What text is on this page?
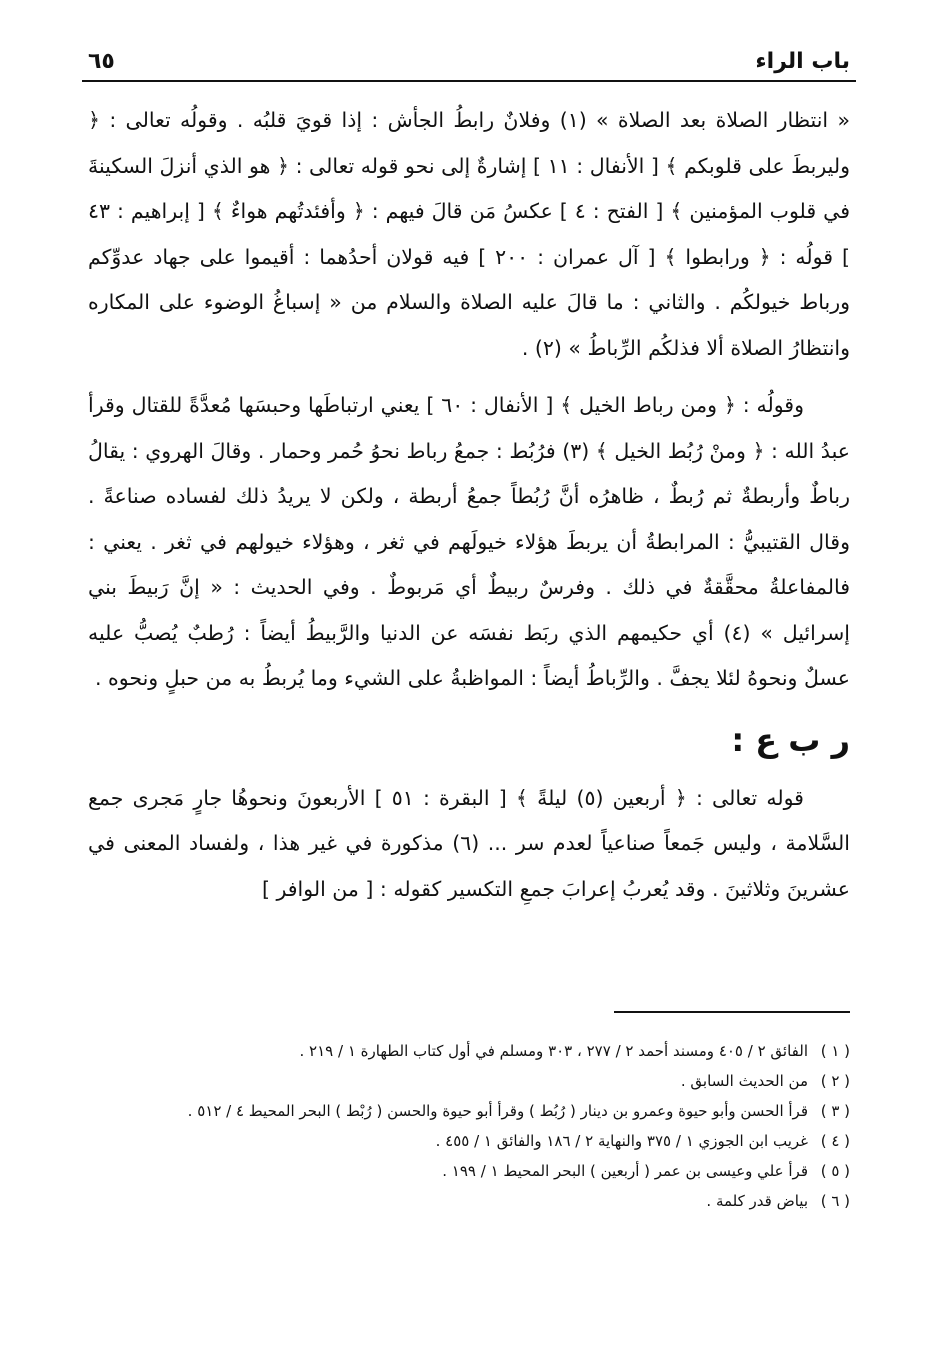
باب الراء
٦٥

« انتظار الصلاة بعد الصلاة » (١) وفلانٌ رابطُ الجأش : إذا قويَ قلبُه . وقولُه تعالى : ﴿ وليربطَ على قلوبكم ﴾ [ الأنفال : ١١ ] إشارةٌ إلى نحو قوله تعالى : ﴿ هو الذي أنزلَ السكينةَ في قلوب المؤمنين ﴾ [ الفتح : ٤ ] عكسُ مَن قالَ فيهم : ﴿ وأفئدتُهم هواءٌ ﴾ [ إبراهيم : ٤٣ ] قولُه : ﴿ ورابطوا ﴾ [ آل عمران : ٢٠٠ ] فيه قولان أحدُهما : أقيموا على جهاد عدوِّكم ورباط خيولكُم . والثاني : ما قالَ عليه الصلاة والسلام من « إسباغُ الوضوء على المكاره وانتظارُ الصلاة ألا فذلكُم الرِّباطُ » (٢) .

وقولُه : ﴿ ومن رباط الخيل ﴾ [ الأنفال : ٦٠ ] يعني ارتباطَها وحبسَها مُعدَّةً للقتال وقرأ عبدُ الله : ﴿ ومنْ رُبُط الخيل ﴾ (٣) فرُبُط : جمعُ رباط نحوُ حُمر وحمار . وقالَ الهروي : يقالُ رباطٌ وأربطةٌ ثم رُبطٌ ، ظاهرُه أنَّ رُبُطاً جمعُ أربطة ، ولكن لا يريدُ ذلك لفساده صناعةً . وقال القتيبيُّ : المرابطةُ أن يربطَ هؤلاء خيولَهم في ثغر ، وهؤلاء خيولهم في ثغر . يعني : فالمفاعلةُ محقَّقةٌ في ذلك . وفرسٌ ربيطٌ أي مَربوطٌ . وفي الحديث : « إنَّ رَبيطَ بني إسرائيل » (٤) أي حكيمهم الذي ربَط نفسَه عن الدنيا والرَّبيطُ أيضاً : رُطبٌ يُصبُّ عليه عسلٌ ونحوهُ لئلا يجفَّ . والرِّباطُ أيضاً : المواظبةُ على الشيء وما يُربطُ به من حبلٍ ونحوه .

ر ب ع :

قوله تعالى : ﴿ أربعين (٥) ليلةً ﴾ [ البقرة : ٥١ ] الأربعونَ ونحوهُا جارٍ مَجرى جمع السَّلامة ، وليس جَمعاً صناعياً لعدم سر ... (٦) مذكورة في غير هذا ، ولفساد المعنى في عشرينَ وثلاثينَ . وقد يُعربُ إعرابَ جمعِ التكسير كقوله : [ من الوافر ]

( ١ )
الفائق ٢ / ٤٠٥ ومسند أحمد ٢ / ٢٧٧ ، ٣٠٣ ومسلم في أول كتاب الطهارة ١ / ٢١٩ .
( ٢ )
من الحديث السابق .
( ٣ )
قرأ الحسن وأبو حيوة وعمرو بن دينار ( رُبُط ) وقرأ أبو حيوة والحسن ( رُبْط ) البحر المحيط ٤ / ٥١٢ .
( ٤ )
غريب ابن الجوزي ١ / ٣٧٥ والنهاية ٢ / ١٨٦ والفائق ١ / ٤٥٥ .
( ٥ )
قرأ علي وعيسى بن عمر ( أربعين ) البحر المحيط ١ / ١٩٩ .
( ٦ )
بياض قدر كلمة .
